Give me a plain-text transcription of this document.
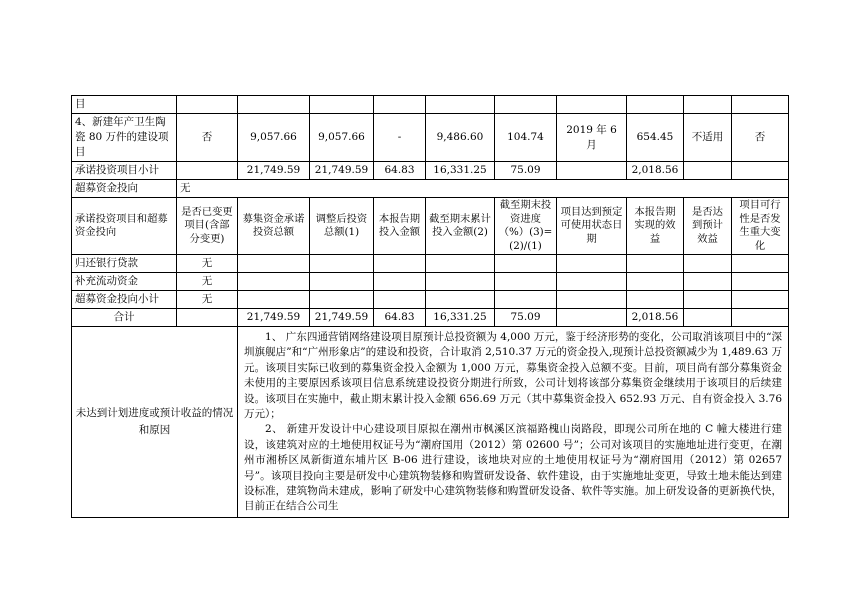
目										
4、新建年产卫生陶瓷 80 万件的建设项目	否	9,057.66	9,057.66	-	9,486.60	104.74	2019 年 6 月	654.45	不适用	否
承诺投资项目小计		21,749.59	21,749.59	64.83	16,331.25	75.09		2,018.56		
超募资金投向	无									
承诺投资项目和超募资金投向	是否已变更项目(含部分变更)	募集资金承诺投资总额	调整后投资总额(1)	本报告期投入金额	截至期末累计投入金额(2)	截至期末投资进度（%）(3)=(2)/(1)	项目达到预定可使用状态日期	本报告期实现的效益	是否达到预计效益	项目可行性是否发生重大变化
归还银行贷款	无									
补充流动资金	无									
超募资金投向小计	无									
合计		21,749.59	21,749.59	64.83	16,331.25	75.09		2,018.56		
未达到计划进度或预计收益的情况和原因		1、 广东四通营销网络建设项目原预计总投资额为 4,000 万元，鉴于经济形势的变化，公司取消该项目中的“深圳旗舰店”和“广州形象店”的建设和投资，合计取消 2,510.37 万元的资金投入,现预计总投资额减少为 1,489.63 万元。该项目实际已收到的募集资金投入金额为 1,000 万元，募集资金投入总额不变。目前，项目尚有部分募集资金未使用的主要原因系该项目信息系统建设投资分期进行所致，公司计划将该部分募集资金继续用于该项目的后续建设。该项目在实施中，截止期末累计投入金额 656.69 万元（其中募集资金投入 652.93 万元、自有资金投入 3.76 万元）；

2、 新建开发设计中心建设项目原拟在潮州市枫溪区滨福路槐山岗路段，即现公司所在地的 C 幢大楼进行建设，该建筑对应的土地使用权证号为“潮府国用（2012）第 02600 号”；公司对该项目的实施地址进行变更，在潮州市湘桥区凤新街道东埔片区 B-06 进行建设，该地块对应的土地使用权证号为“潮府国用（2012）第 02657 号”。该项目投向主要是研发中心建筑物装修和购置研发设备、软件建设，由于实施地址变更，导致土地未能达到建设标准，建筑物尚未建成，影响了研发中心建筑物装修和购置研发设备、软件等实施。加上研发设备的更新换代快，目前正在结合公司生								
